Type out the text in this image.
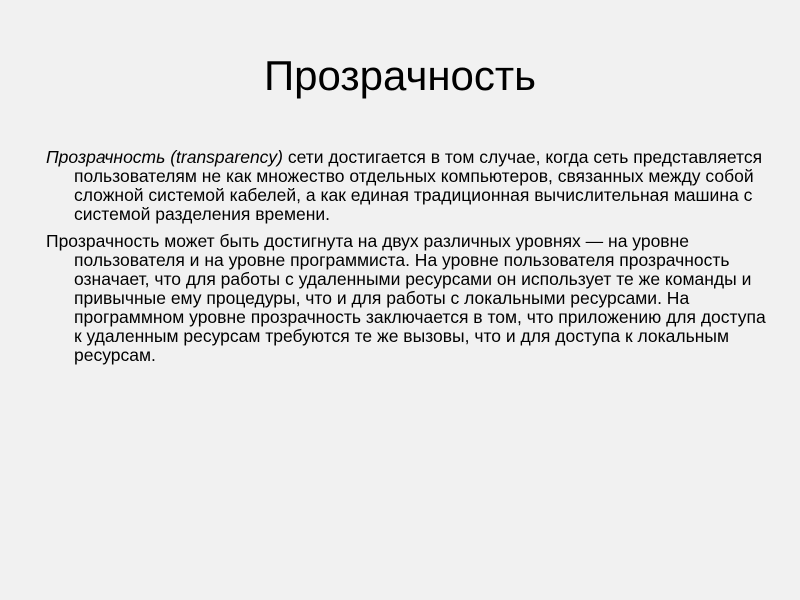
Прозрачность

Прозрачность (transparency) сети достигается в том случае, когда сеть представляется пользователям не как множество отдельных компьютеров, связанных между собой сложной системой кабелей, а как единая традиционная вычислительная машина с системой разделения времени.

Прозрачность может быть достигнута на двух различных уровнях — на уровне пользователя и на уровне программиста. На уровне пользователя прозрачность означает, что для работы с удаленными ресурсами он использует те же команды и привычные ему процедуры, что и для работы с локальными ресурсами. На программном уровне прозрачность заключается в том, что приложению для доступа к удаленным ресурсам требуются те же вызовы, что и для доступа к локальным ресурсам.
